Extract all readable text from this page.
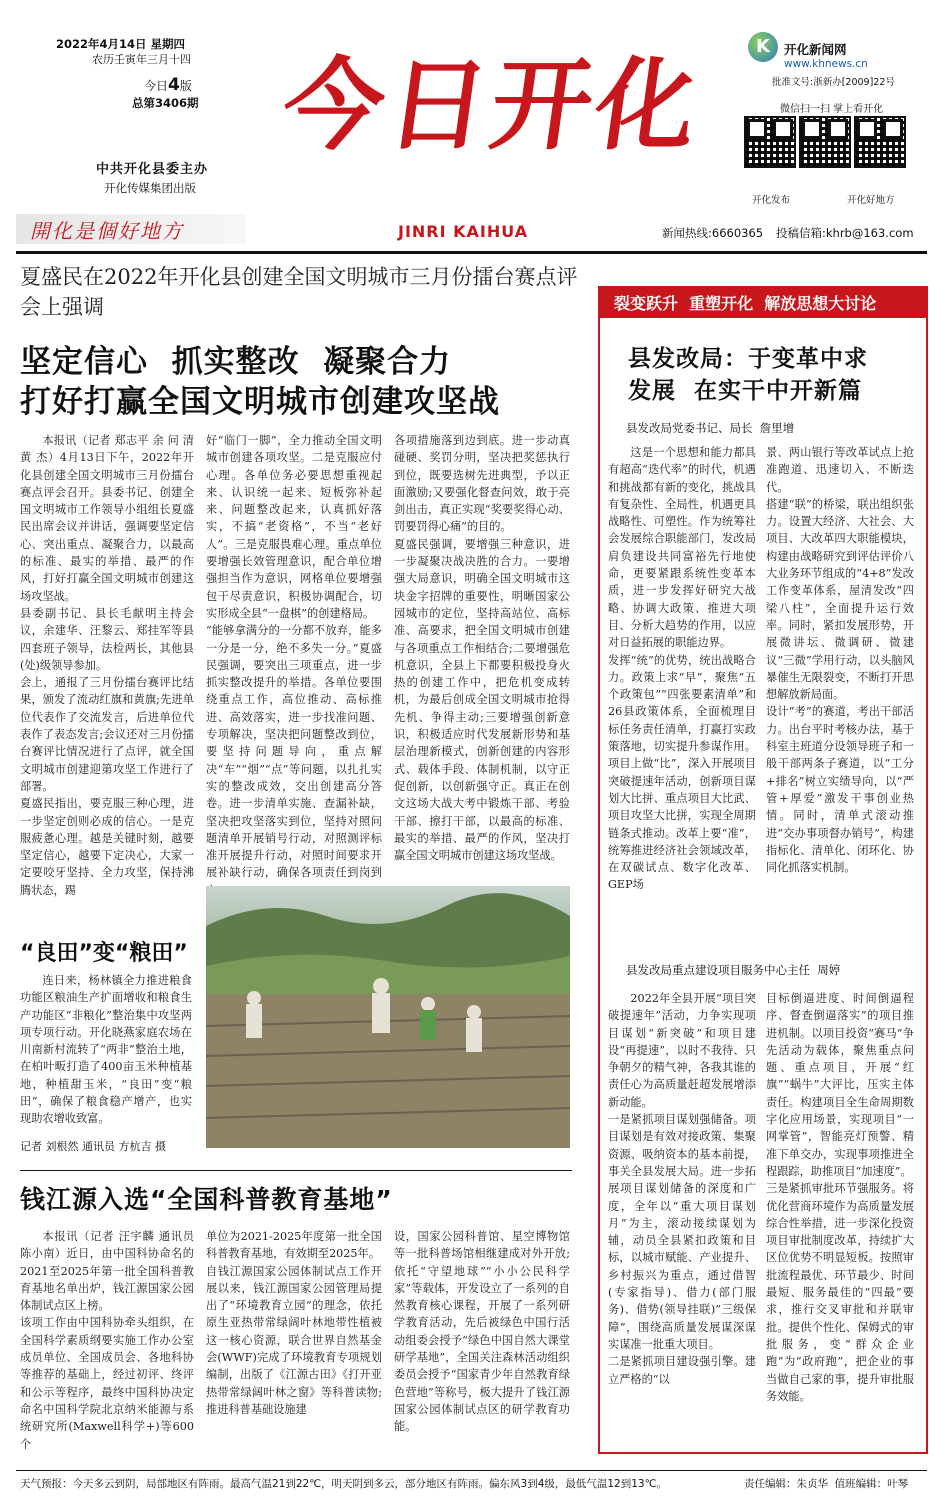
2022年4月14日 星期四
农历壬寅年三月十四
今日4版
总第3406期
中共开化县委主办
开化传媒集团出版
今日开化
JINRI KAIHUA
開化是個好地方
K	开化新闻网
www.khnews.cn
批准文号:浙新办[2009]22号
微信扫一扫 掌上看开化
开化发布	开化好地方
新闻热线:6660365 投稿信箱:khrb@163.com
夏盛民在2022年开化县创建全国文明城市三月份擂台赛点评会上强调
坚定信心  抓实整改  凝聚合力
打好打赢全国文明城市创建攻坚战

本报讯（记者 郑志平 余 问 清 黄 杰）4月13日下午，2022年开化县创建全国文明城市三月份擂台赛点评会召开。县委书记、创建全国文明城市工作领导小组组长夏盛民出席会议并讲话，强调要坚定信心、突出重点、凝聚合力，以最高的标准、最实的举措、最严的作风，打好打赢全国文明城市创建这场攻坚战。
县委副书记、县长毛献明主持会议，余建华、汪黎云、郑挂军等县四套班子领导，法检两长，其他县(处)级领导参加。
会上，通报了三月份擂台赛评比结果，颁发了流动红旗和黄旗;先进单位代表作了交流发言，后进单位代表作了表态发言;会议还对三月份擂台赛评比情况进行了点评，就全国文明城市创建迎第攻坚工作进行了部署。
夏盛民指出，要克服三种心理，进一步坚定创则必成的信心。一是克服疲惫心理。越是关键时刻，越要坚定信心，越要下定决心，大家一定要咬牙坚持、全力攻坚，保持沸腾状态，踢

好“临门一脚”，全力推动全国文明城市创建各项攻坚。二是克服应付心理。各单位务必要思想重视起来、认识统一起来、短板弥补起来、问题整改起来，认真抓好落实，不搞“老资格”，不当“老好人”。三是克服畏难心理。重点单位要增强长效管理意识，配合单位增强担当作为意识，网格单位要增强包干尽责意识，积极协调配合，切实形成全县“一盘棋”的创建格局。
“能够拿满分的一分都不放弃，能多一分是一分，绝不多失一分。”夏盛民强调，要突出三项重点，进一步抓实整改提升的举措。各单位要围绕重点工作，高位推动、高标推进、高效落实，进一步找准问题、专项解决，坚决把问题整改到位，要坚持问题导向，重点解决“车”“烟”“点”等问题，以扎扎实实的整改成效，交出创建高分答卷。进一步清单实施、查漏补缺，坚决把攻坚落实到位，坚持对照问题清单开展销号行动，对照测评标准开展提升行动，对照时间要求开展补缺行动，确保各项责任到岗到

各项措施落到边到底。进一步动真碰硬、奖罚分明，坚决把奖惩执行到位，既要选树先进典型，予以正面激励;又要强化督查问效，敢于亮剑出击，真正实现“奖要奖得心动、罚要罚得心痛”的目的。
夏盛民强调，要增强三种意识，进一步凝聚决战决胜的合力。一要增强大局意识，明确全国文明城市这块金字招牌的重要性，明晰国家公园城市的定位，坚持高站位、高标准、高要求，把全国文明城市创建与各项重点工作相结合;二要增强危机意识，全县上下都要积极投身火热的创建工作中，把危机变成转机，为最后创成全国文明城市抢得先机、争得主动;三要增强创新意识，积极适应时代发展新形势和基层治理新模式，创新创建的内容形式、载体手段、体制机制，以守正促创新，以创新强守正。真正在创文这场大战大考中锻炼干部、考验干部、擦打干部，以最高的标准、最实的举措、最严的作风，坚决打赢全国文明城市创建这场攻坚战。

“良田”变“粮田”

连日来，杨林镇全力推进粮食功能区粮油生产扩面增收和粮食生产功能区“非粮化”整治集中攻坚两项专项行动。开化晓燕家庭农场在川南新村流转了“两非”整治土地，在柏叶畈打造了400亩玉米种植基地，种植甜玉米，“良田”变“粮田”，确保了粮食稳产增产，也实现助农增收致富。

记者 刘根然 通讯员 方杭吉 摄
钱江源入选“全国科普教育基地”

本报讯（记者 汪宇麟 通讯员 陈小南）近日，由中国科协命名的2021至2025年第一批全国科普教育基地名单出炉，钱江源国家公园体制试点区上榜。
该项工作由中国科协牵头组织，在全国科学素质纲要实施工作办公室成员单位、全国成员会、各地科协等推荐的基础上，经过初评、终评和公示等程序，最终中国科协决定命名中国科学院北京纳米能源与系统研究所(Maxwell科学+)等600个

单位为2021-2025年度第一批全国科普教育基地，有效期至2025年。
自钱江源国家公园体制试点工作开展以来，钱江源国家公园管理局提出了“环境教育立园”的理念，依托原生亚热带常绿阔叶林地带性植被这一核心资源，联合世界自然基金会(WWF)完成了环境教育专项规划编制，出版了《江源古田》《打开亚热带常绿阔叶林之窗》等科普读物;推进科普基础设施建

设，国家公园科普馆、星空博物馆等一批科普场馆相继建成对外开放;依托“守望地球”“小小公民科学家”等载体，开发设立了一系列的自然教育核心课程，开展了一系列研学教育活动，先后被绿色中国行活动组委会授予“绿色中国自然大课堂研学基地”，全国关注森林活动组织委员会授予“国家青少年自然教育绿色营地”等称号，极大提升了钱江源国家公园体制试点区的研学教育功能。

裂变跃升  重塑开化  解放思想大讨论
县发改局：于变革中求
发展  在实干中开新篇
县发改局党委书记、局长  詹里增

这是一个思想和能力都具有超高“迭代率”的时代，机遇和挑战都有新的变化，挑战具有复杂性、全局性，机遇更具战略性、可塑性。作为统筹社会发展综合职能部门，发改局肩负建设共同富裕先行地使命，更要紧跟系统性变革本质，进一步发挥好研究大战略、协调大政策、推进大项目、分析大趋势的作用，以应对日益拓展的职能边界。
发挥“统”的优势，统出战略合力。政策上求“早”，聚焦“五个政策包”“四张要素清单”和26县政策体系，全面梳理目标任务责任清单，打赢打实政策落地，切实提升参谋作用。项目上做“比”，深入开展项目突破提速年活动，创新项目谋划大比拼、重点项目大比武、项目攻坚大比拼，实现全周期链条式推动。改革上要“准”，统筹推进经济社会领域改革，在双碳试点、数字化改革、GEP场

景、两山银行等改革试点上抢准跑道、迅速切入、不断迭代。
搭建“联”的桥梁，联出组织张力。设置大经济、大社会、大项目、大改革四大职能模块，构建由战略研究到评估评价八大业务环节组成的“4+8”发改工作变革体系，屋清发改“四梁八柱”，全面提升运行效率。同时，紧扣发展形势，开展微讲坛、微调研、微建议“三微”学用行动，以头脑风暴催生无限裂变，不断打开思想解放新局面。
设计“考”的赛道，考出干部活力。出台平时考核办法，基于科室主班道分设领导班子和一般干部两条子赛道，以“工分+排名”树立实绩导向，以“严管+厚爱”激发干事创业热情。同时，清单式滚动推进“交办事项督办销号”，构建指标化、清单化、闭环化、协同化抓落实机制。

县发改局重点建设项目服务中心主任  周婷

2022年全县开展“项目突破提速年”活动，力争实现项目谋划“新突破”和项目建设“再提速”，以时不我待、只争朝夕的精气神，各我其谁的责任心为高质量赶超发展增添新动能。
一是紧抓项目谋划强储备。项目谋划是有效对接政策、集聚资源、吸纳资本的基本前提，事关全县发展大局。进一步拓展项目谋划储备的深度和广度，全年以“重大项目谋划月”为主，滚动接续谋划为辅，动员全县紧扣政策和目标，以城市赋能、产业提升、乡村振兴为重点，通过借智(专家指导)、借力(部门服务)、借势(领导挂联)“三级保障”，围绕高质量发展谋深谋实谋准一批重大项目。
二是紧抓项目建设强引擎。建立严格的“以

目标倒逼进度、时间倒逼程序、督查倒逼落实”的项目推进机制。以项目投资“赛马”争先活动为载体，聚焦重点问题、重点项目，开展“红旗”“蜗牛”大评比，压实主体责任。构建项目全生命周期数字化应用场景，实现项目“一网掌管”，智能亮灯预警、精准下单交办，实现事项推进全程跟踪，助推项目“加速度”。
三是紧抓审批环节强服务。将优化营商环境作为高质量发展综合性举措，进一步深化投资项目审批制度改革，持续扩大区位优势不明显短板。按照审批流程最优、环节最少、时间最短、服务最佳的“四最”要求，推行交叉审批和并联审批。提供个性化、保姆式的审批服务，变“群众企业跑”为“政府跑”，把企业的事当做自己家的事，提升审批服务效能。

天气预报：今天多云到阴，局部地区有阵雨。最高气温21到22℃，明天阴到多云，部分地区有阵雨。偏东风3到4级，最低气温12到13℃。	责任编辑：朱贞华  值班编辑：叶琴
